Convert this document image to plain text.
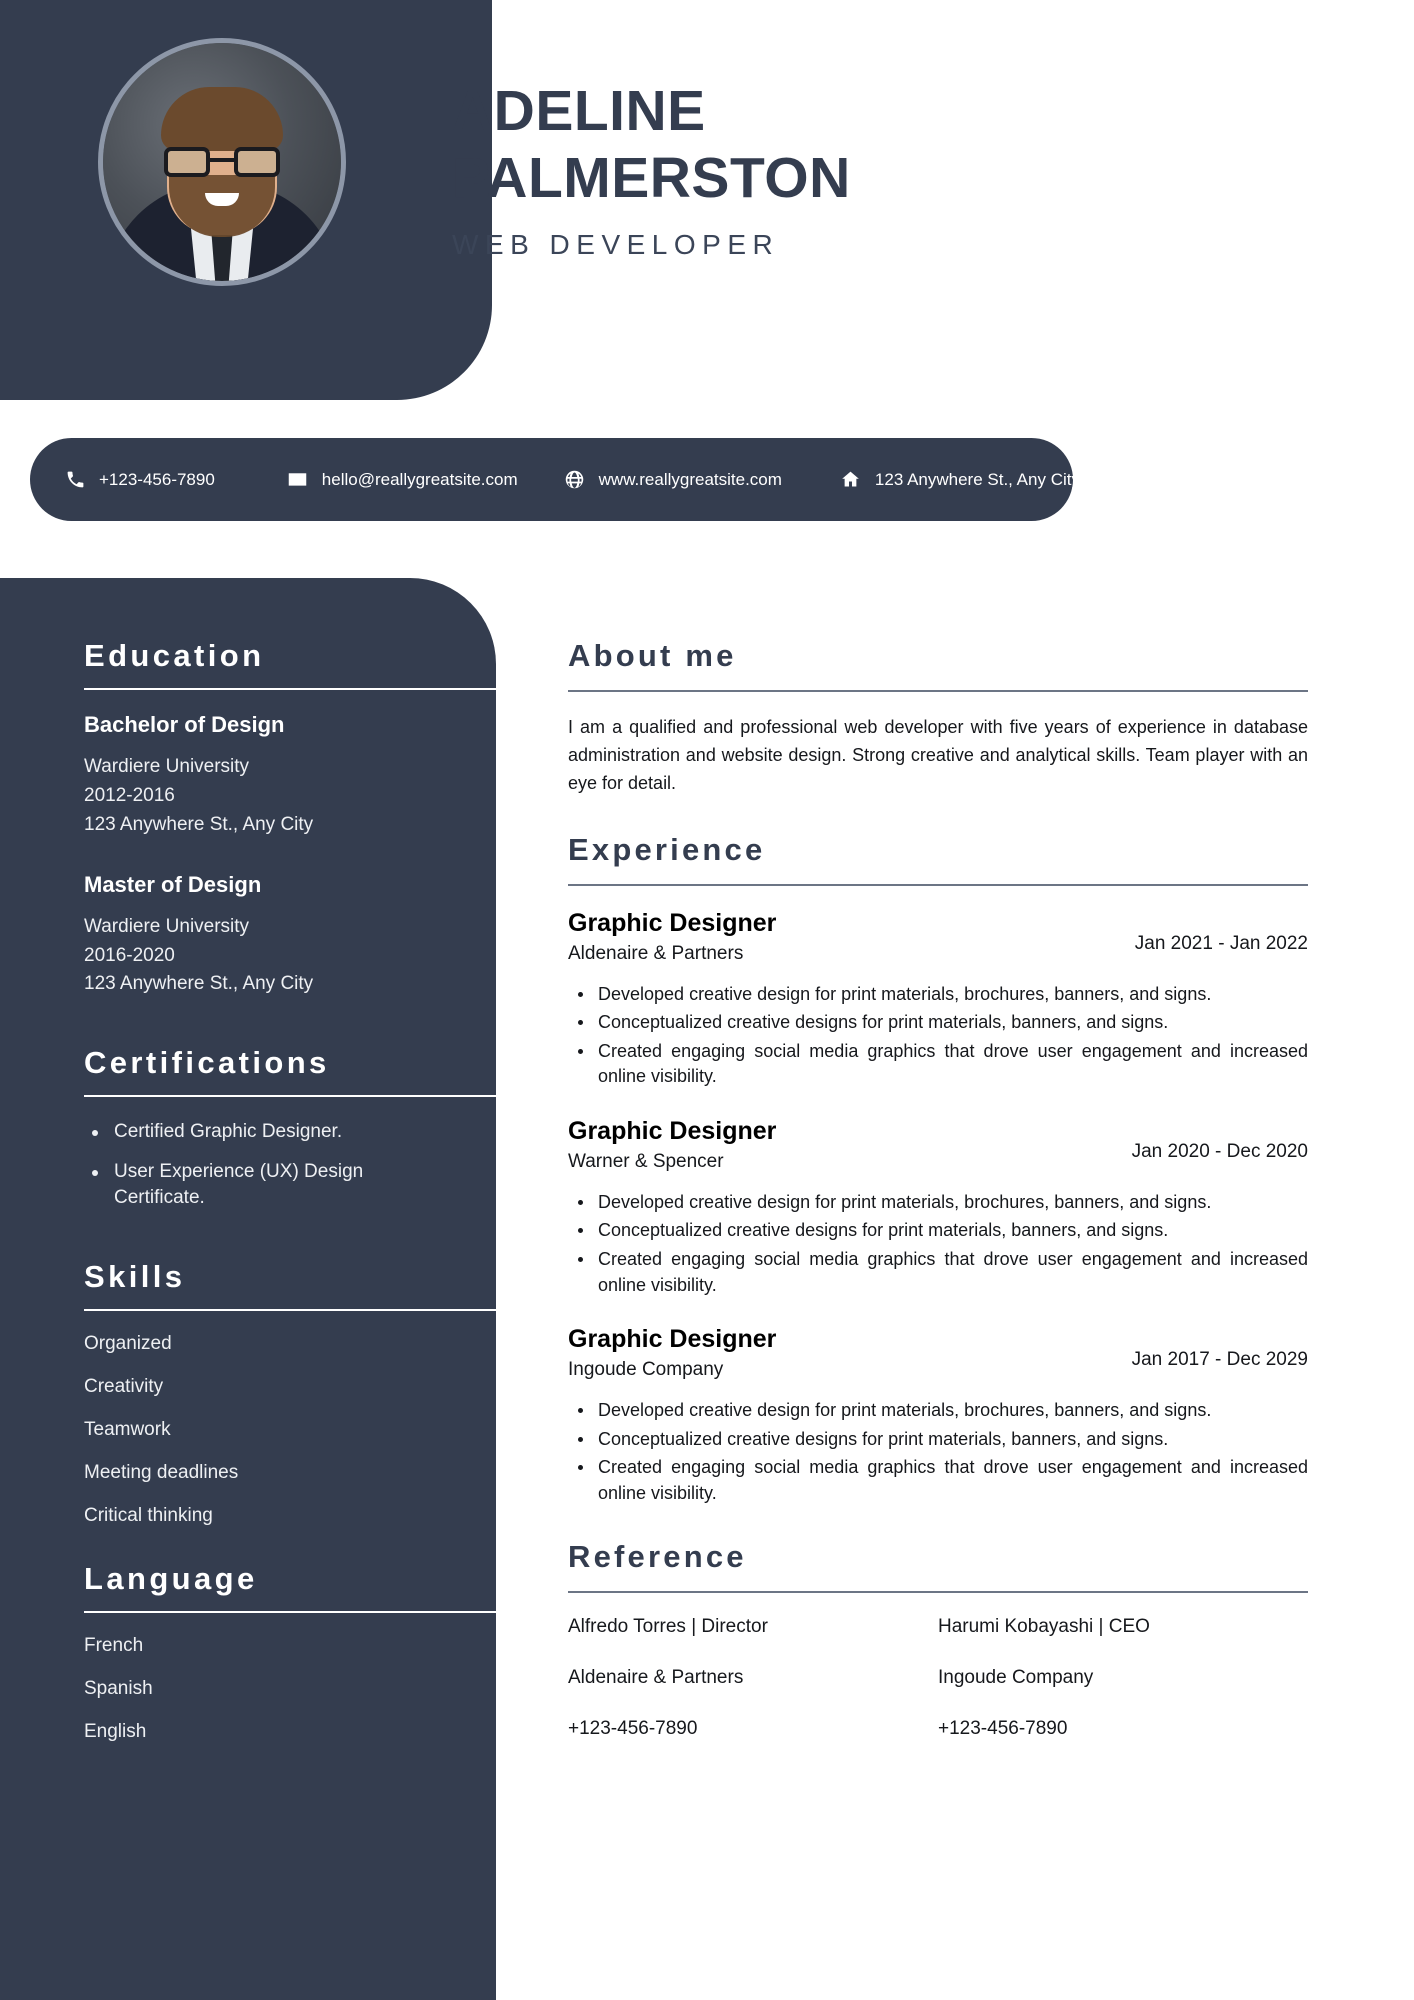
ADELINE
PALMERSTON
WEB DEVELOPER
+123-456-7890	hello@reallygreatsite.com	www.reallygreatsite.com	123 Anywhere St., Any City
Education
Bachelor of Design
Wardiere University
2012-2016
123 Anywhere St., Any City
Master of Design
Wardiere University
2016-2020
123 Anywhere St., Any City
Certifications
Certified Graphic Designer.
User Experience (UX) Design Certificate.
Skills
Organized
Creativity
Teamwork
Meeting deadlines
Critical thinking
Language
French
Spanish
English
About me

I am a qualified and professional web developer with five years of experience in database administration and website design. Strong creative and analytical skills. Team player with an eye for detail.

Experience
Graphic Designer
Aldenaire & Partners	Jan 2021 - Jan 2022
Developed creative design for print materials, brochures, banners, and signs.
Conceptualized creative designs for print materials, banners, and signs.
Created engaging social media graphics that drove user engagement and increased online visibility.
Graphic Designer
Warner & Spencer	Jan 2020 - Dec 2020
Developed creative design for print materials, brochures, banners, and signs.
Conceptualized creative designs for print materials, banners, and signs.
Created engaging social media graphics that drove user engagement and increased online visibility.
Graphic Designer
Ingoude Company	Jan 2017 - Dec 2029
Developed creative design for print materials, brochures, banners, and signs.
Conceptualized creative designs for print materials, banners, and signs.
Created engaging social media graphics that drove user engagement and increased online visibility.
Reference
Alfredo Torres | Director
Aldenaire & Partners
+123-456-7890
Harumi Kobayashi | CEO
Ingoude Company
+123-456-7890
